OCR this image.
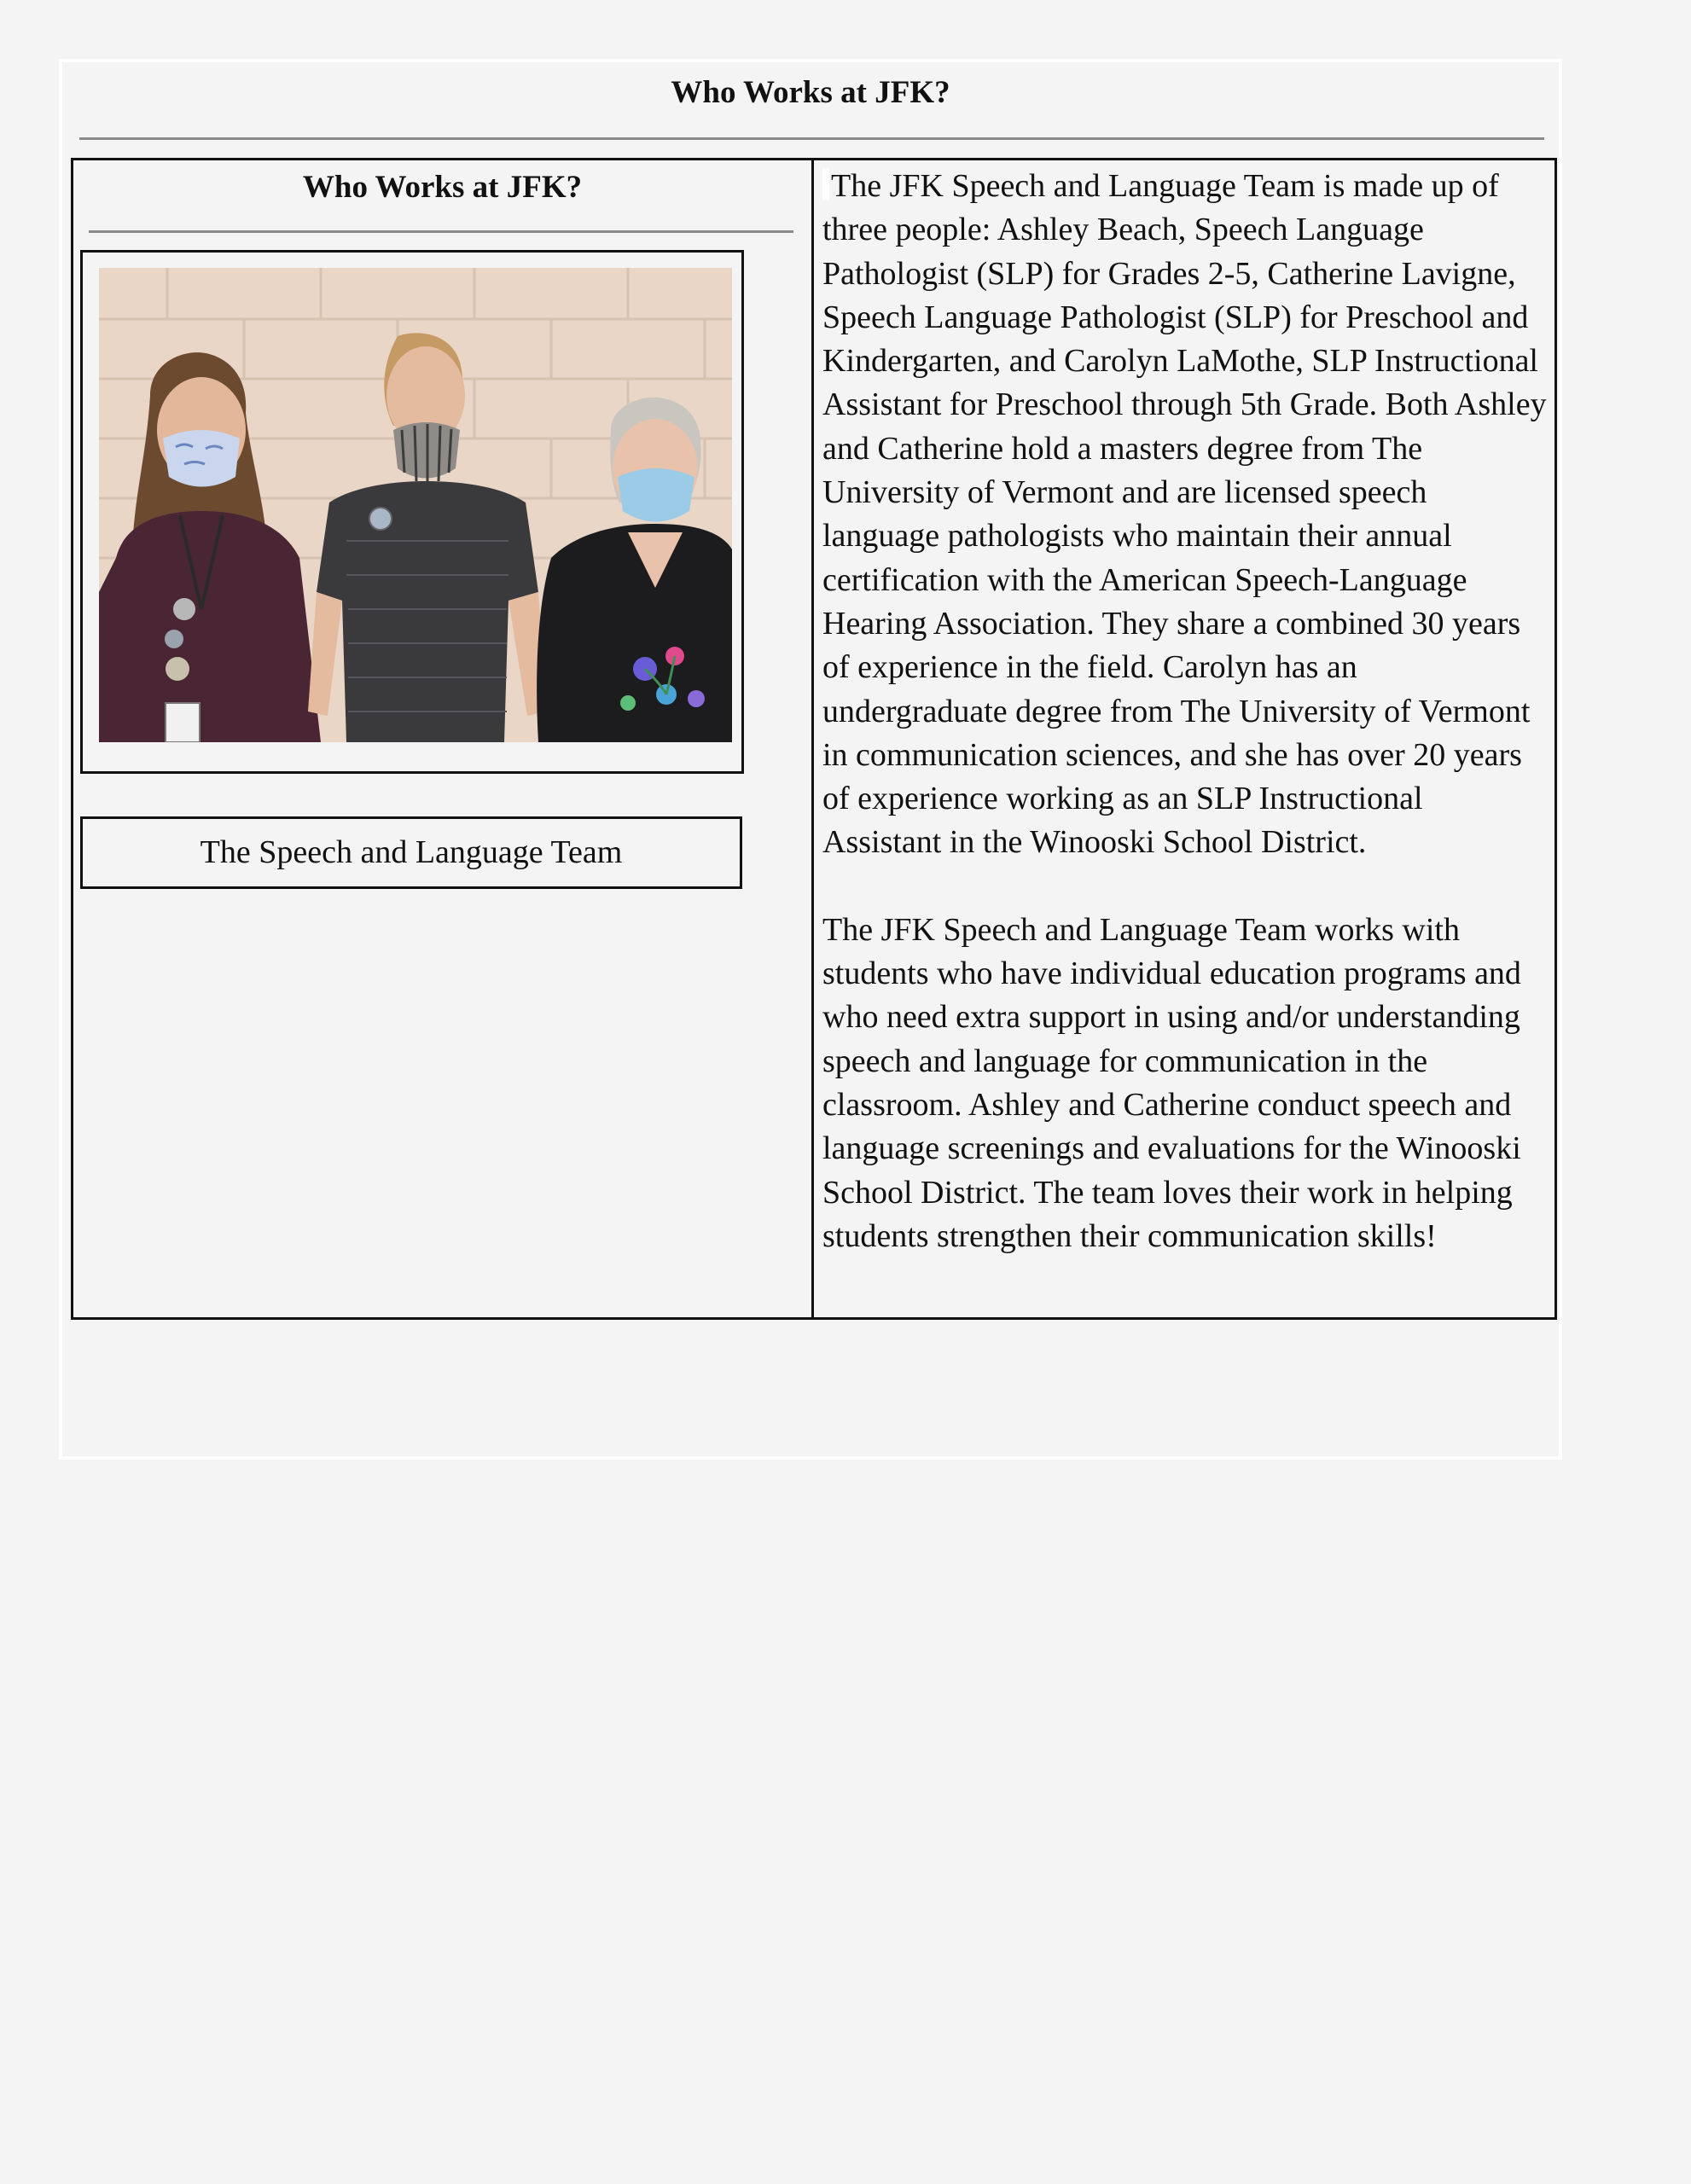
Who Works at JFK?
Who Works at JFK?
The Speech and Language Team

The JFK Speech and Language Team is made up of three people: Ashley Beach, Speech Language Pathologist (SLP) for Grades 2-5, Catherine Lavigne, Speech Language Pathologist (SLP) for Preschool and Kindergarten, and Carolyn LaMothe, SLP Instructional Assistant for Preschool through 5th Grade. Both Ashley and Catherine hold a masters degree from The University of Vermont and are licensed speech language pathologists who maintain their annual certification with the American Speech-Language Hearing Association. They share a combined 30 years of experience in the field. Carolyn has an undergraduate degree from The University of Vermont in communication sciences, and she has over 20 years of experience working as an SLP Instructional Assistant in the Winooski School District.

The JFK Speech and Language Team works with students who have individual education programs and who need extra support in using and/or understanding speech and language for communication in the classroom. Ashley and Catherine conduct speech and language screenings and evaluations for the Winooski School District. The team loves their work in helping students strengthen their communication skills!
